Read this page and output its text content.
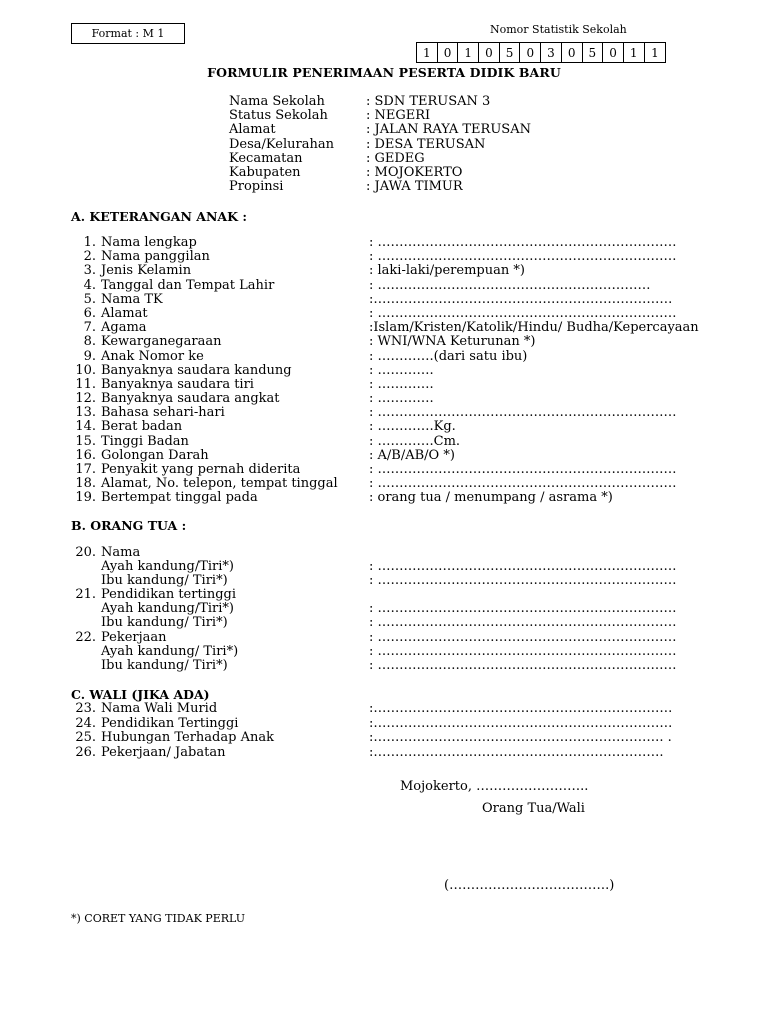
Format : M 1	Nomor Statistik Sekolah
1	0	1	0	5	0	3	0	5	0	1	1
FORMULIR PENERIMAAN PESERTA DIDIK BARU
Nama Sekolah	: SDN TERUSAN 3
Status Sekolah	: NEGERI
Alamat	: JALAN RAYA TERUSAN
Desa/Kelurahan	: DESA TERUSAN
Kecamatan	: GEDEG
Kabupaten	: MOJOKERTO
Propinsi	: JAWA TIMUR
A. KETERANGAN ANAK :
1. Nama lengkap	: ……………………………………………………………
2. Nama panggilan	: ……………………………………………………………
3. Jenis Kelamin	: laki-laki/perempuan *)
4. Tanggal dan Tempat Lahir	: ………………………………………………………
5. Nama TK	:……………………………………………………………
6. Alamat	: ……………………………………………………………
7. Agama	:Islam/Kristen/Katolik/Hindu/ Budha/Kepercayaan
8. Kewarganegaraan	: WNI/WNA Keturunan *)
9. Anak Nomor ke	: ………….(dari satu ibu)
10. Banyaknya saudara kandung	: ………….
11. Banyaknya saudara tiri	: ………….
12. Banyaknya saudara angkat	: ………….
13. Bahasa sehari-hari	: ……………………………………………………………
14. Berat badan	: ………….Kg.
15. Tinggi Badan	: ………….Cm.
16. Golongan Darah	: A/B/AB/O *)
17. Penyakit yang pernah diderita	: ……………………………………………………………
18. Alamat, No. telepon, tempat tinggal	: ……………………………………………………………
19. Bertempat tinggal pada	: orang tua / menumpang / asrama *)
B. ORANG TUA :
20. Nama
Ayah kandung/Tiri*)	: ……………………………………………………………
Ibu kandung/ Tiri*)	: ……………………………………………………………
21. Pendidikan tertinggi
Ayah kandung/Tiri*)	: ……………………………………………………………
Ibu kandung/ Tiri*)	: ……………………………………………………………
22. Pekerjaan	: ……………………………………………………………
Ayah kandung/ Tiri*)	: ……………………………………………………………
Ibu kandung/ Tiri*)	: ……………………………………………………………
C. WALI (JIKA ADA)
23. Nama Wali Murid	:……………………………………………………………
24. Pendidikan Tertinggi	:……………………………………………………………
25. Hubungan Terhadap Anak	:…………………………………………………………. .
26. Pekerjaan/ Jabatan	:………………………………………………………….
Mojokerto, ……………………..
Orang Tua/Wali
(……………………………….)
*) CORET YANG TIDAK PERLU
